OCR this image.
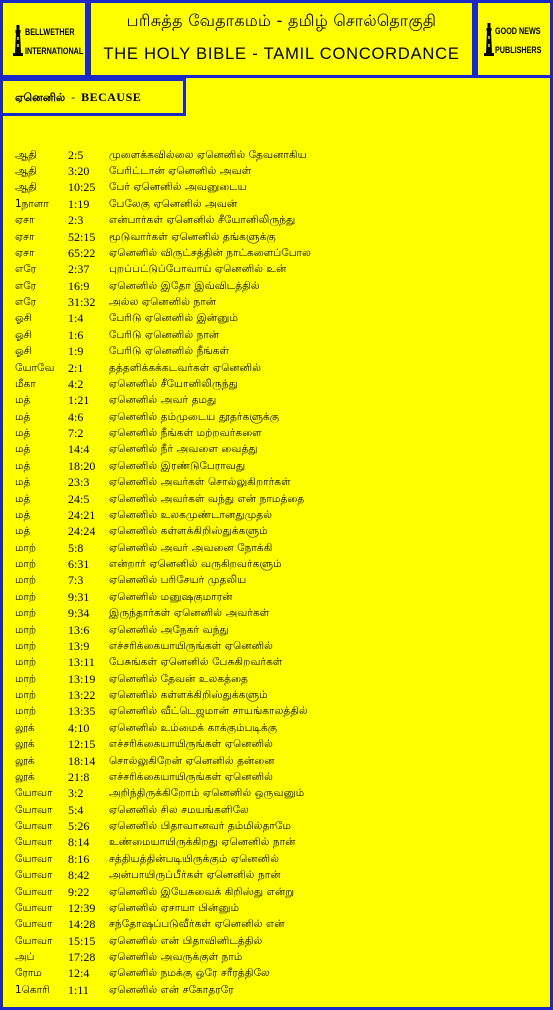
BELLWETHER
INTERNATIONAL
பரிசுத்த வேதாகமம் - தமிழ் சொல்தொகுதி
THE HOLY BIBLE - TAMIL CONCORDANCE
GOOD NEWS
PUBLISHERS
ஏனெனில் - BECAUSE
ஆதி	2:5	முளைக்கவில்லை ஏனெனில் தேவனாகிய
ஆதி	3:20	பேரிட்டான் ஏனெனில் அவள்
ஆதி	10:25	பேர் ஏனெனில் அவனுடைய
1நாளா	1:19	பேலேகு ஏனெனில் அவன்
ஏசா	2:3	என்பார்கள் ஏனெனில் சீயோனிலிருந்து
ஏசா	52:15	மூடுவார்கள் ஏனெனில் தங்களுக்கு
ஏசா	65:22	ஏனெனில் விருட்சத்தின் நாட்களைப்போல
எரே	2:37	புறப்பட்டுப்போவாய் ஏனெனில் உன்
எரே	16:9	ஏனெனில் இதோ இவ்விடத்தில்
எரே	31:32	அல்ல ஏனெனில் நான்
ஓசி	1:4	பேரிடு ஏனெனில் இன்னும்
ஓசி	1:6	பேரிடு ஏனெனில் நான்
ஓசி	1:9	பேரிடு ஏனெனில் நீங்கள்
யோவே	2:1	தத்தளிக்கக்கடவர்கள் ஏனெனில்
மீகா	4:2	ஏனெனில் சீயோனிலிருந்து
மத்	1:21	ஏனெனில் அவர் தமது
மத்	4:6	ஏனெனில் தம்முடைய தூதர்களுக்கு
மத்	7:2	ஏனெனில் நீங்கள் மற்றவர்களை
மத்	14:4	ஏனெனில் நீர் அவளை வைத்து
மத்	18:20	ஏனெனில் இரண்டுபேராவது
மத்	23:3	ஏனெனில் அவர்கள் சொல்லுகிறார்கள்
மத்	24:5	ஏனெனில் அவர்கள் வந்து என் நாமத்தை
மத்	24:21	ஏனெனில் உலகமுண்டானதுமுதல்
மத்	24:24	ஏனெனில் கள்ளக்கிறிஸ்துக்களும்
மாற்	5:8	ஏனெனில் அவர் அவனை நோக்கி
மாற்	6:31	என்றார் ஏனெனில் வருகிறவர்களும்
மாற்	7:3	ஏனெனில் பரிசேயர் முதலிய
மாற்	9:31	ஏனெனில் மனுஷகுமாரன்
மாற்	9:34	இருந்தார்கள் ஏனெனில் அவர்கள்
மாற்	13:6	ஏனெனில் அநேகர் வந்து
மாற்	13:9	எச்சரிக்கையாயிருங்கள் ஏனெனில்
மாற்	13:11	பேசுங்கள் ஏனெனில் பேசுகிறவர்கள்
மாற்	13:19	ஏனெனில் தேவன் உலகத்தை
மாற்	13:22	ஏனெனில் கள்ளக்கிறிஸ்துக்களும்
மாற்	13:35	ஏனெனில் வீட்டெஜமான் சாயங்காலத்தில்
லூக்	4:10	ஏனெனில் உம்மைக் காக்கும்படிக்கு
லூக்	12:15	எச்சரிக்கையாயிருங்கள் ஏனெனில்
லூக்	18:14	சொல்லுகிறேன் ஏனெனில் தன்னை
லூக்	21:8	எச்சரிக்கையாயிருங்கள் ஏனெனில்
யோவா	3:2	அறிந்திருக்கிறோம் ஏனெனில் ஒருவனும்
யோவா	5:4	ஏனெனில் சில சமயங்களிலே
யோவா	5:26	ஏனெனில் பிதாவானவர் தம்மில்தாமே
யோவா	8:14	உண்மையாயிருக்கிறது ஏனெனில் நான்
யோவா	8:16	சத்தியத்தின்படியிருக்கும் ஏனெனில்
யோவா	8:42	அன்பாயிருப்பீர்கள் ஏனெனில் நான்
யோவா	9:22	ஏனெனில் இயேசுவைக் கிறிஸ்து என்று
யோவா	12:39	ஏனெனில் ஏசாயா பின்னும்
யோவா	14:28	சந்தோஷப்படுவீர்கள் ஏனெனில் என்
யோவா	15:15	ஏனெனில் என் பிதாவினிடத்தில்
அப்	17:28	ஏனெனில் அவருக்குள் நாம்
ரோம	12:4	ஏனெனில் நமக்கு ஒரே சரீரத்திலே
1கொரி	1:11	ஏனெனில் என் சகோதரரே
